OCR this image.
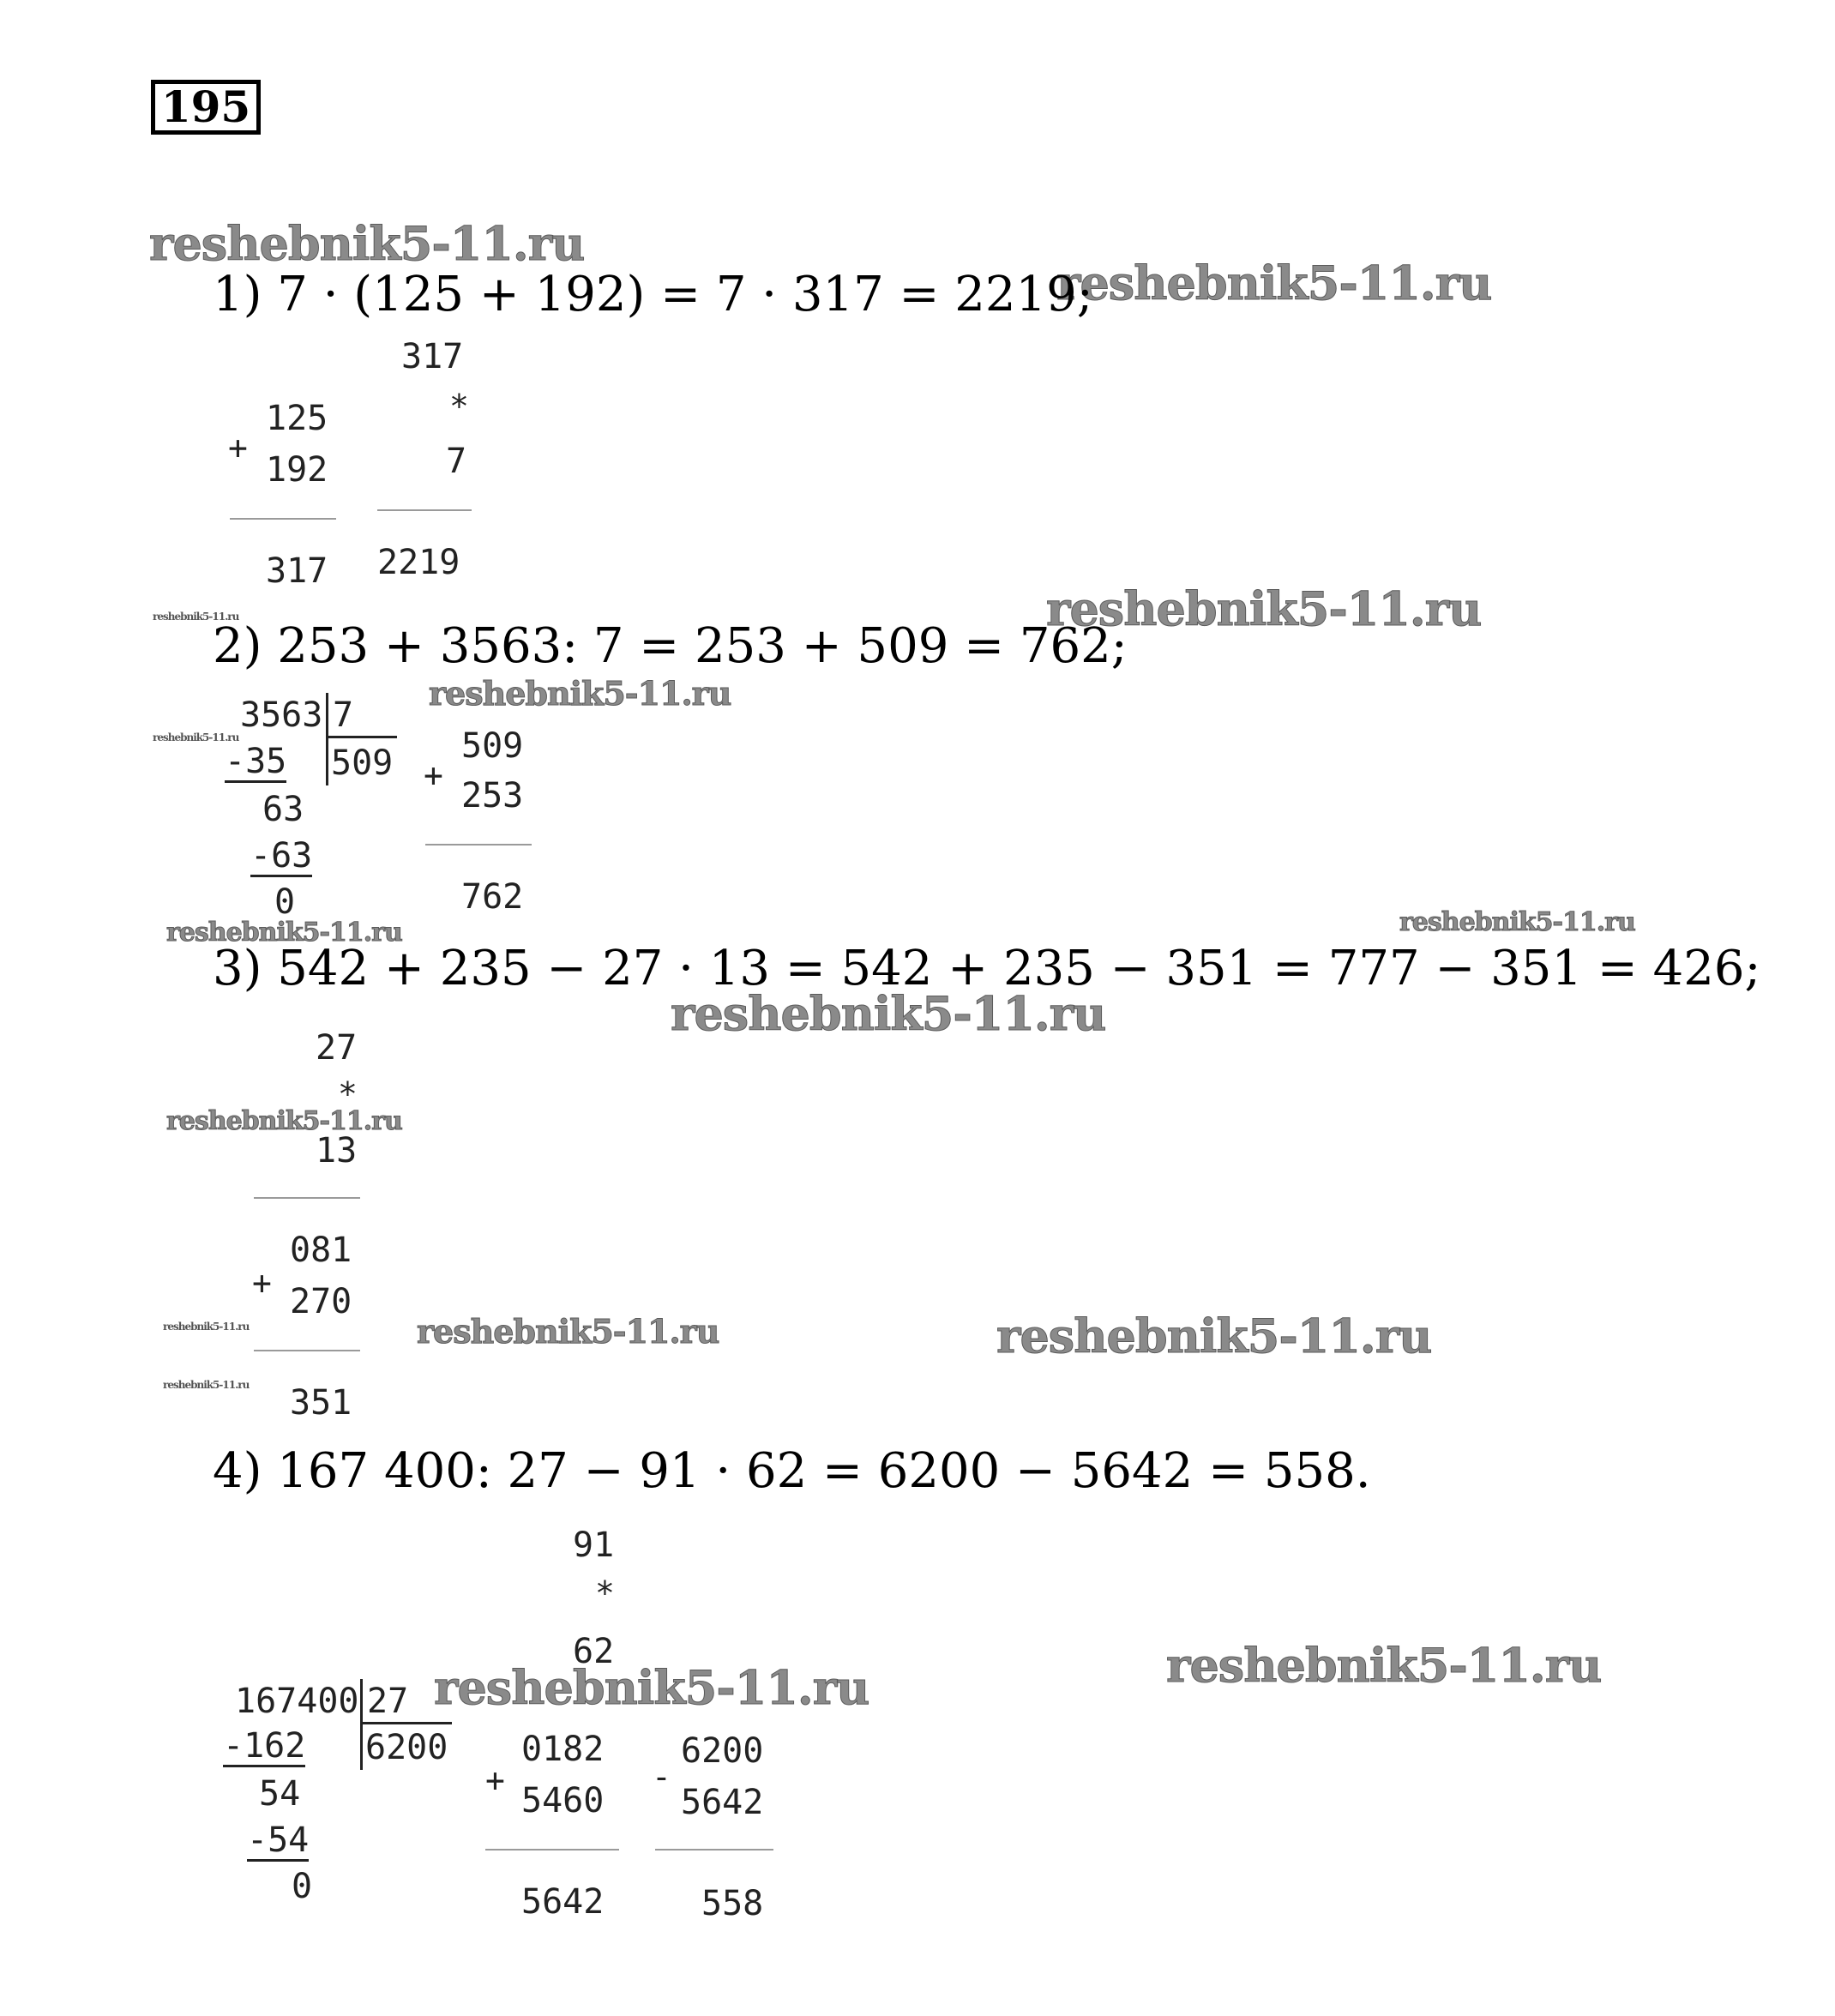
195
reshebnik5-11.ru
reshebnik5-11.ru
reshebnik5-11.ru
reshebnik5-11.ru
reshebnik5-11.ru
reshebnik5-11.ru
reshebnik5-11.ru	reshebnik5-11.ru
reshebnik5-11.ru
reshebnik5-11.ru
reshebnik5-11.ru	reshebnik5-11.ru
reshebnik5-11.ru
reshebnik5-11.ru
reshebnik5-11.ru
reshebnik5-11.ru
1) 7 · (125 + 192) = 7 · 317 = 2219;
+
125
192
317
317
*
7
2219
2) 253 + 3563: 7 = 253 + 509 = 762;
3563 7
509
-35
63
-63
0
+
509
253
762
3) 542 + 235 − 27 · 13 = 542 + 235 − 351 = 777 − 351 = 426;
27
*
13
081
+ 270
351
4) 167 400: 27 − 91 · 62 = 6200 − 5642 = 558.
91
*
62
0182
+
5460
5642
167400 27
6200
-162
54
-54
0
-
6200
5642
558
